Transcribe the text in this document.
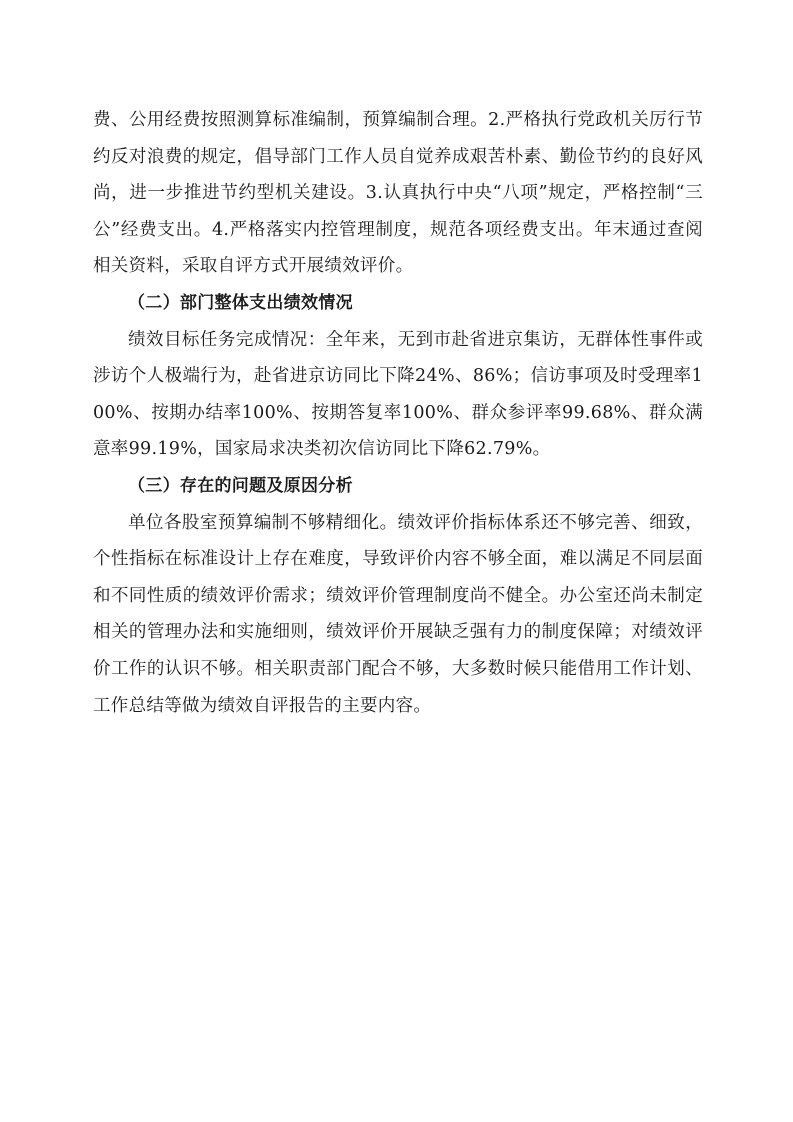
费、公用经费按照测算标准编制，预算编制合理。2.严格执行党政机关厉行节约反对浪费的规定，倡导部门工作人员自觉养成艰苦朴素、勤俭节约的良好风尚，进一步推进节约型机关建设。3.认真执行中央“八项”规定，严格控制“三公”经费支出。4.严格落实内控管理制度，规范各项经费支出。年末通过查阅相关资料，采取自评方式开展绩效评价。

（二）部门整体支出绩效情况

绩效目标任务完成情况：全年来，无到市赴省进京集访，无群体性事件或涉访个人极端行为，赴省进京访同比下降24%、86%；信访事项及时受理率100%、按期办结率100%、按期答复率100%、群众参评率99.68%、群众满意率99.19%，国家局求决类初次信访同比下降62.79%。

（三）存在的问题及原因分析

单位各股室预算编制不够精细化。绩效评价指标体系还不够完善、细致，个性指标在标准设计上存在难度，导致评价内容不够全面，难以满足不同层面和不同性质的绩效评价需求；绩效评价管理制度尚不健全。办公室还尚未制定相关的管理办法和实施细则，绩效评价开展缺乏强有力的制度保障；对绩效评价工作的认识不够。相关职责部门配合不够，大多数时候只能借用工作计划、工作总结等做为绩效自评报告的主要内容。
